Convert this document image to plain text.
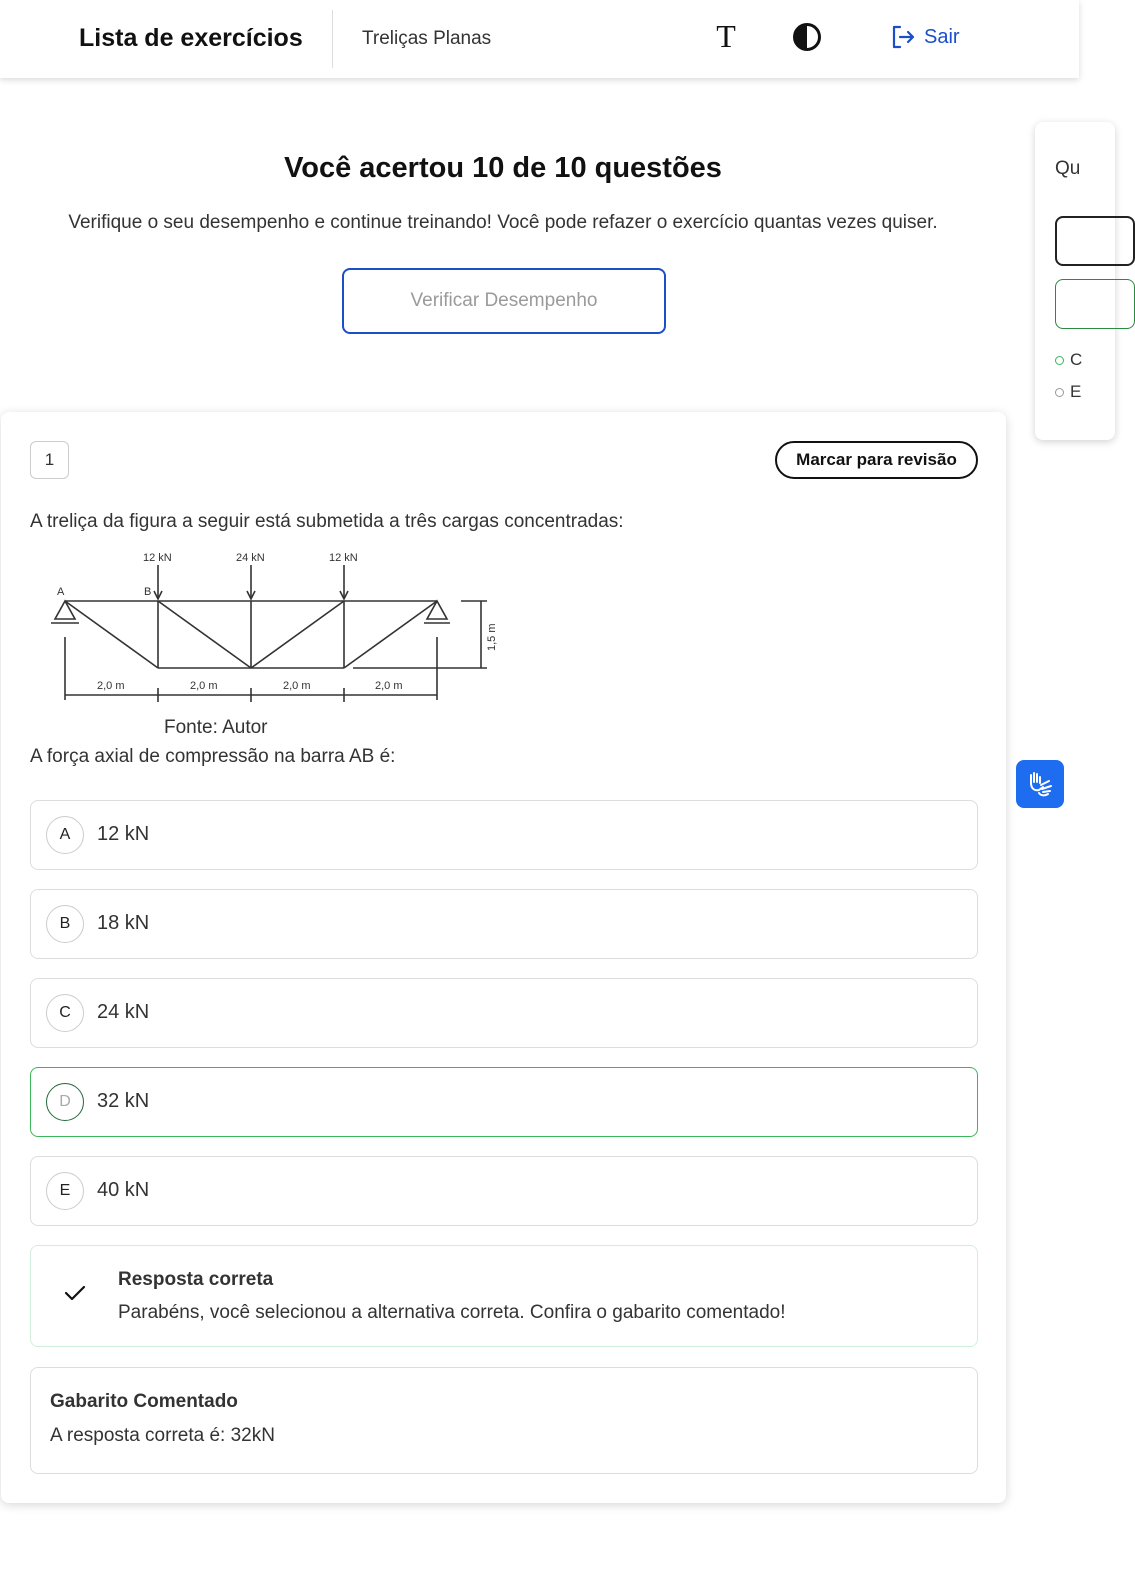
Lista de exercícios	Treliças Planas	T	Sair
Você acertou 10 de 10 questões
Verifique o seu desempenho e continue treinando! Você pode refazer o exercício quantas vezes quiser.
Verificar Desempenho
Qu
C
E
1	Marcar para revisão
A treliça da figura a seguir está submetida a três cargas concentradas:
12 kN	24 kN	12 kN
A	B
2,0 m	2,0 m	2,0 m	2,0 m
1,5 m
Fonte: Autor
A força axial de compressão na barra AB é:
A	12 kN
B	18 kN
C	24 kN
D	32 kN
E	40 kN
Resposta correta
Parabéns, você selecionou a alternativa correta. Confira o gabarito comentado!
Gabarito Comentado
A resposta correta é: 32kN
